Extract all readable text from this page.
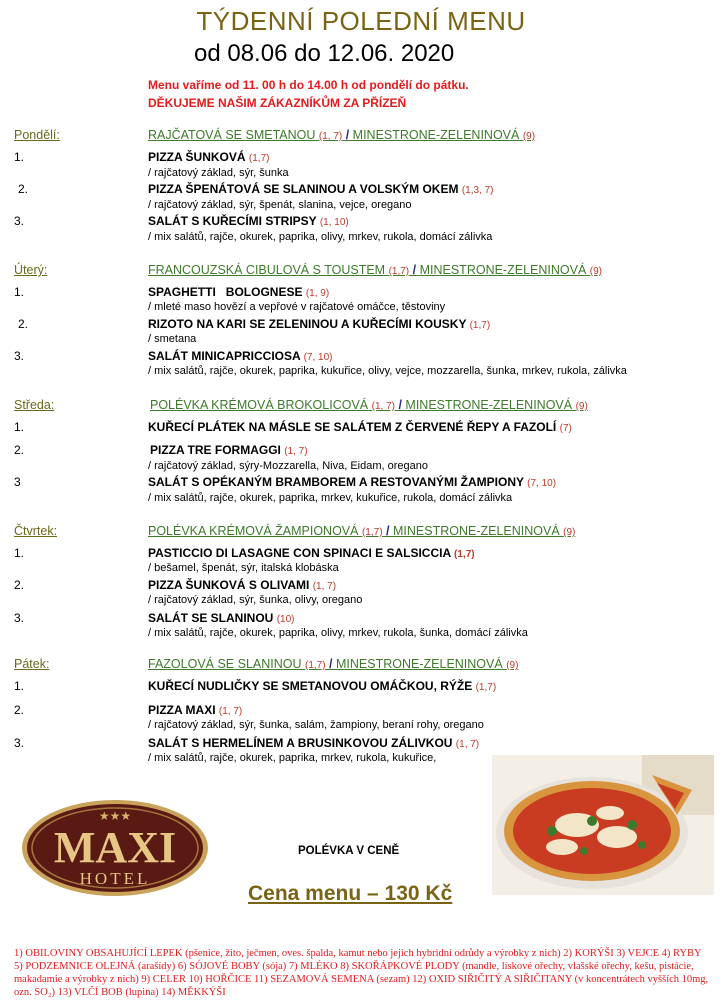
TÝDENNÍ POLEDNÍ MENU
od 08.06 do 12.06. 2020
Menu vaříme od 11. 00 h do 14.00 h od pondělí do pátku.
DĚKUJEME NAŠIM ZÁKAZNÍKŮM ZA PŘÍZEŇ
Pondělí:	RAJČATOVÁ SE SMETANOU (1, 7) / MINESTRONE-ZELENINOVÁ (9)
1.	PIZZA ŠUNKOVÁ (1,7)
/ rajčatový základ, sýr, šunka
2.	PIZZA ŠPENÁTOVÁ SE SLANINOU A VOLSKÝM OKEM (1,3, 7)
/ rajčatový základ, sýr, špenát, slanina, vejce, oregano
3.	SALÁT S KUŘECÍMI STRIPSY (1, 10)
/ mix salátů, rajče, okurek, paprika, olivy, mrkev, rukola, domácí zálivka
Úterý:	FRANCOUZSKÁ CIBULOVÁ S TOUSTEM (1,7) / MINESTRONE-ZELENINOVÁ (9)
1.	SPAGHETTI   BOLOGNESE (1, 9)
/ mleté maso hovězí a vepřové v rajčatové omáčce, těstoviny
2.	RIZOTO NA KARI SE ZELENINOU A KUŘECÍMI KOUSKY (1,7)
/ smetana
3.	SALÁT MINICAPRICCIOSA (7, 10)
/ mix salátů, rajče, okurek, paprika, kukuřice, olivy, vejce, mozzarella, šunka, mrkev, rukola, zálivka
Středa:	POLÉVKA KRÉMOVÁ BROKOLICOVÁ (1, 7) / MINESTRONE-ZELENINOVÁ (9)
1.	KUŘECÍ PLÁTEK NA MÁSLE SE SALÁTEM Z ČERVENÉ ŘEPY A FAZOLÍ (7)
2.	PIZZA TRE FORMAGGI (1, 7)
/ rajčatový základ, sýry-Mozzarella, Niva, Eidam, oregano
3	SALÁT S OPÉKANÝM BRAMBOREM A RESTOVANÝMI ŽAMPIONY (7, 10)
/ mix salátů, rajče, okurek, paprika, mrkev, kukuřice, rukola, domácí zálivka
Čtvrtek:	POLÉVKA KRÉMOVÁ ŽAMPIONOVÁ (1,7) / MINESTRONE-ZELENINOVÁ (9)
1.	PASTICCIO DI LASAGNE CON SPINACI E SALSICCIA (1,7)
/ bešamel, špenát, sýr, italská klobáska
2.	PIZZA ŠUNKOVÁ S OLIVAMI (1, 7)
/ rajčatový základ, sýr, šunka, olivy, oregano
3.	SALÁT SE SLANINOU (10)
/ mix salátů, rajče, okurek, paprika, olivy, mrkev, rukola, šunka, domácí zálivka
Pátek:	FAZOLOVÁ SE SLANINOU (1,7) / MINESTRONE-ZELENINOVÁ (9)
1.	KUŘECÍ NUDLIČKY SE SMETANOVOU OMÁČKOU, RÝŽE (1,7)
2.	PIZZA MAXI (1, 7)
/ rajčatový základ, sýr, šunka, salám, žampiony, beraní rohy, oregano
3.	SALÁT S HERMELÍNEM A BRUSINKOVOU ZÁLIVKOU (1, 7)
/ mix salátů, rajče, okurek, paprika, mrkev, rukola, kukuřice,
★★★
MAXI
HOTEL
POLÉVKA V CENĚ
Cena menu – 130 Kč
1) OBILOVINY OBSAHUJÍCÍ LEPEK (pšenice, žito, ječmen, oves. špalda, kamut nebo jejich hybridní odrůdy a výrobky z nich) 2) KORÝŠI 3) VEJCE 4) RYBY 5) PODZEMNICE OLEJNÁ (arašídy) 6) SÓJOVÉ BOBY (sója) 7) MLÉKO 8) SKOŘÁPKOVÉ PLODY (mandle, lískové ořechy, vlašské ořechy, kešu, pistácie, makadamie a výrobky z nich) 9) CELER 10) HOŘČICE 11) SEZAMOVÁ SEMENA (sezam) 12) OXID SIŘIČITÝ A SIŘIČITANY (v koncentrátech vyšších 10mg, ozn. SO₂) 13) VLČÍ BOB (lupina) 14) MĚKKÝŠI
